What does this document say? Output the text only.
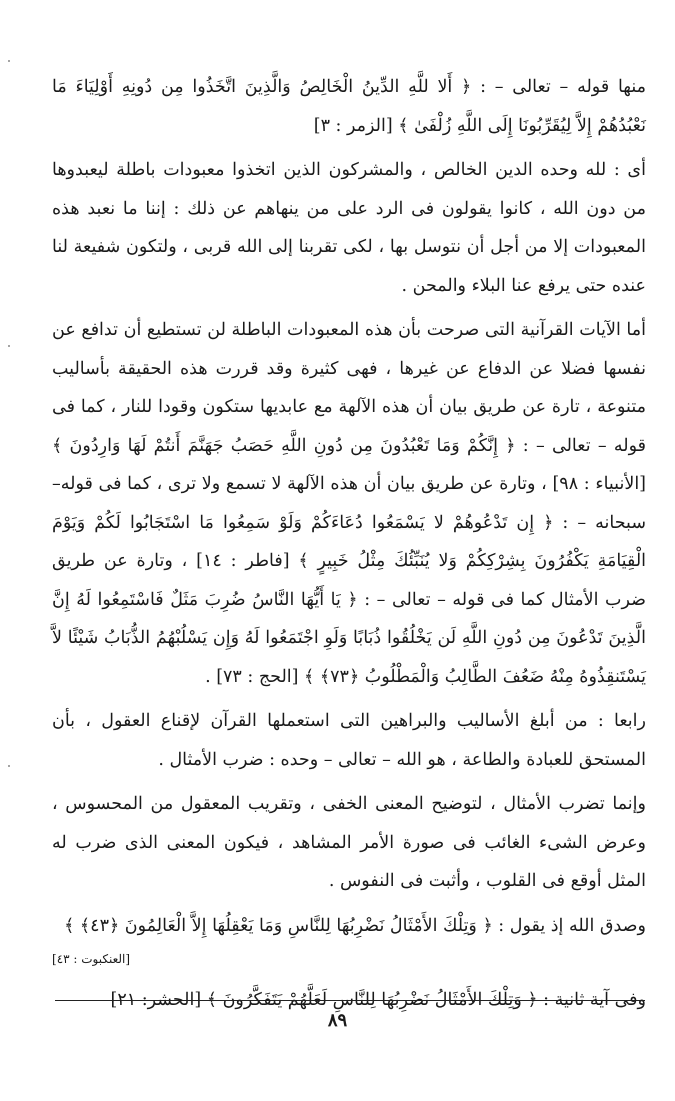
منها قوله – تعالى – : ﴿ أَلا للَّهِ الدِّينُ الْخَالِصُ وَالَّذِينَ اتَّخَذُوا مِن دُونِهِ أَوْلِيَاءَ مَا نَعْبُدُهُمْ إِلاَّ لِيُقَرِّبُونَا إِلَى اللَّهِ زُلْفَىٰ ﴾ [الزمر : ٣]

أى : لله وحده الدين الخالص ، والمشركون الذين اتخذوا معبودات باطلة ليعبدوها من دون الله ، كانوا يقولون فى الرد على من ينهاهم عن ذلك : إننا ما نعبد هذه المعبودات إلا من أجل أن نتوسل بها ، لكى تقربنا إلى الله قربى ، ولتكون شفيعة لنا عنده حتى يرفع عنا البلاء والمحن .

أما الآيات القرآنية التى صرحت بأن هذه المعبودات الباطلة لن تستطيع أن تدافع عن نفسها فضلا عن الدفاع عن غيرها ، فهى كثيرة وقد قررت هذه الحقيقة بأساليب متنوعة ، تارة عن طريق بيان أن هذه الآلهة مع عابديها ستكون وقودا للنار ، كما فى قوله – تعالى – : ﴿ إِنَّكُمْ وَمَا تَعْبُدُونَ مِن دُونِ اللَّهِ حَصَبُ جَهَنَّمَ أَنتُمْ لَهَا وَارِدُونَ ﴾ [الأنبياء : ٩٨] ، وتارة عن طريق بيان أن هذه الآلهة لا تسمع ولا ترى ، كما فى قوله–سبحانه – : ﴿ إِن تَدْعُوهُمْ لا يَسْمَعُوا دُعَاءَكُمْ وَلَوْ سَمِعُوا مَا اسْتَجَابُوا لَكُمْ وَيَوْمَ الْقِيَامَةِ يَكْفُرُونَ بِشِرْكِكُمْ وَلا يُنَبِّئُكَ مِثْلُ خَبِيرٍ ﴾ [فاطر : ١٤] ، وتارة عن طريق ضرب الأمثال كما فى قوله – تعالى – : ﴿ يَا أَيُّهَا النَّاسُ ضُرِبَ مَثَلٌ فَاسْتَمِعُوا لَهُ إِنَّ الَّذِينَ تَدْعُونَ مِن دُونِ اللَّهِ لَن يَخْلُقُوا ذُبَابًا وَلَوِ اجْتَمَعُوا لَهُ وَإِن يَسْلُبْهُمُ الذُّبَابُ شَيْئًا لاَّ يَسْتَنقِذُوهُ مِنْهُ ضَعُفَ الطَّالِبُ وَالْمَطْلُوبُ ﴿٧٣﴾ ﴾ [الحج : ٧٣] .

رابعا : من أبلغ الأساليب والبراهين التى استعملها القرآن لإقناع العقول ، بأن المستحق للعبادة والطاعة ، هو الله – تعالى – وحده : ضرب الأمثال .

وإنما تضرب الأمثال ، لتوضيح المعنى الخفى ، وتقريب المعقول من المحسوس ، وعرض الشىء الغائب فى صورة الأمر المشاهد ، فيكون المعنى الذى ضرب له المثل أوقع فى القلوب ، وأثبت فى النفوس .

وصدق الله إذ يقول : ﴿ وَتِلْكَ الأَمْثَالُ نَضْرِبُهَا لِلنَّاسِ وَمَا يَعْقِلُهَا إِلاَّ الْعَالِمُونَ ﴿٤٣﴾ ﴾

[العنكبوت : ٤٣]

وفى آية ثانية : ﴿ وَتِلْكَ الأَمْثَالُ نَضْرِبُهَا لِلنَّاسِ لَعَلَّهُمْ يَتَفَكَّرُونَ ﴾ [الحشر: ٢١]

٨٩
